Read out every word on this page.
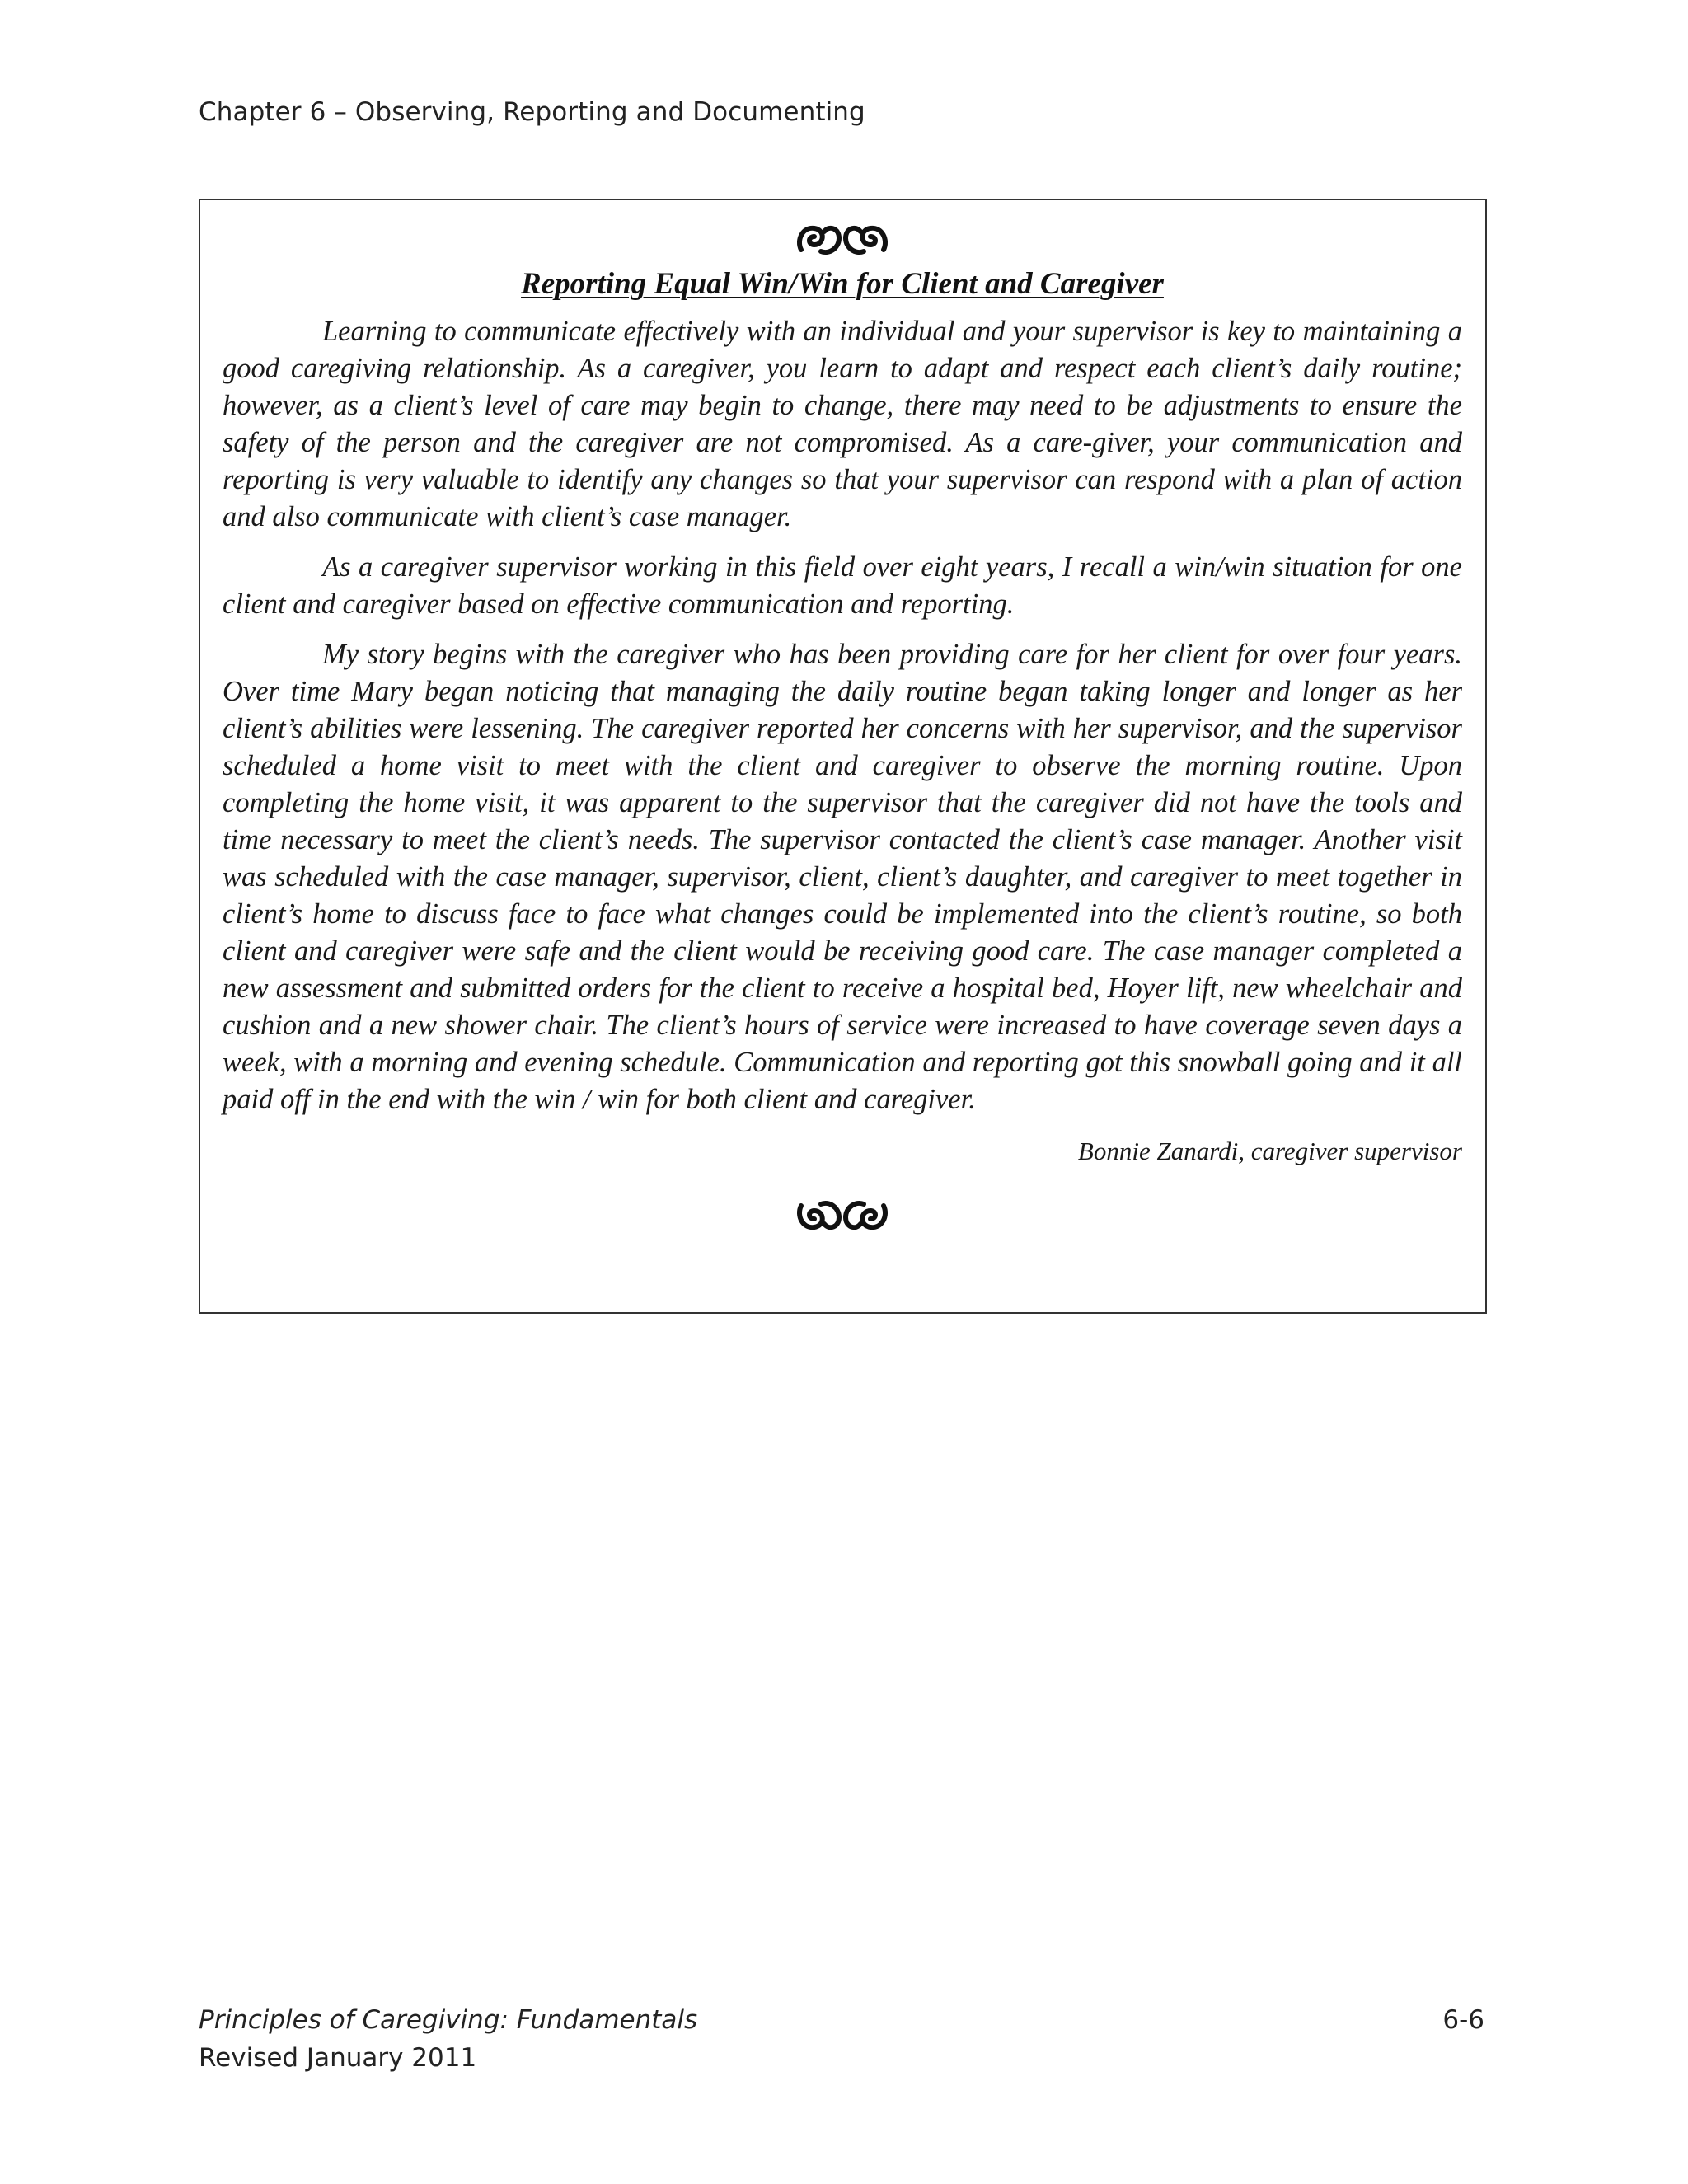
Chapter 6 – Observing, Reporting and Documenting
Reporting Equal Win/Win for Client and Caregiver

Learning to communicate effectively with an individual and your supervisor is key to maintaining a good caregiving relationship. As a caregiver, you learn to adapt and respect each client’s daily routine; however, as a client’s level of care may begin to change, there may need to be adjustments to ensure the safety of the person and the caregiver are not compromised. As a care-giver, your communication and reporting is very valuable to identify any changes so that your supervisor can respond with a plan of action and also communicate with client’s case manager.

As a caregiver supervisor working in this field over eight years, I recall a win/win situation for one client and caregiver based on effective communication and reporting.

My story begins with the caregiver who has been providing care for her client for over four years. Over time Mary began noticing that managing the daily routine began taking longer and longer as her client’s abilities were lessening. The caregiver reported her concerns with her supervisor, and the supervisor scheduled a home visit to meet with the client and caregiver to observe the morning routine. Upon completing the home visit, it was apparent to the supervisor that the caregiver did not have the tools and time necessary to meet the client’s needs. The supervisor contacted the client’s case manager. Another visit was scheduled with the case manager, supervisor, client, client’s daughter, and caregiver to meet together in client’s home to discuss face to face what changes could be implemented into the client’s routine, so both client and caregiver were safe and the client would be receiving good care. The case manager completed a new assessment and submitted orders for the client to receive a hospital bed, Hoyer lift, new wheelchair and cushion and a new shower chair. The client’s hours of service were increased to have coverage seven days a week, with a morning and evening schedule. Communication and reporting got this snowball going and it all paid off in the end with the win / win for both client and caregiver.

Bonnie Zanardi, caregiver supervisor
Principles of Caregiving: Fundamentals
Revised January 2011
6-6
